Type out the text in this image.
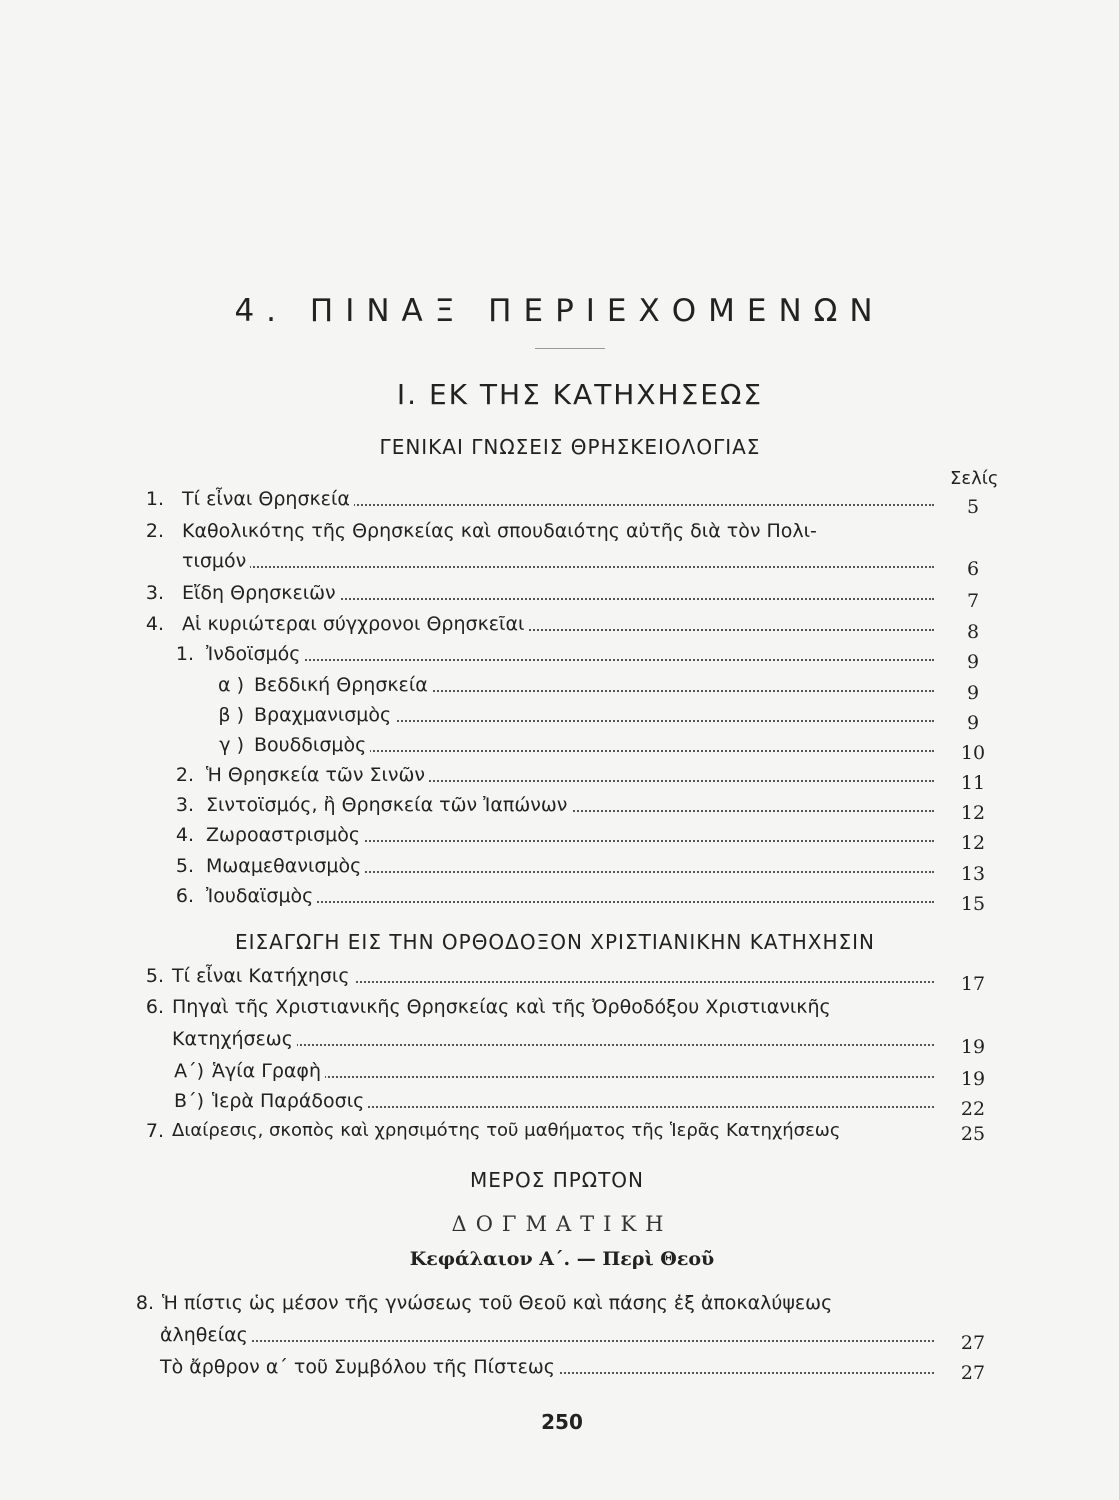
4. ΠΙΝΑΞ ΠΕΡΙΕΧΟΜΕΝΩΝ
I. ΕΚ ΤΗΣ ΚΑΤΗΧΗΣΕΩΣ
ΓΕΝΙΚΑΙ ΓΝΩΣΕΙΣ ΘΡΗΣΚΕΙΟΛΟΓΙΑΣ
Σελίς
1. Τί εἶναι Θρησκεία	5
2. Καθολικότης τῆς Θρησκείας καὶ σπουδαιότης αὐτῆς διὰ τὸν Πολι-
τισμόν	6
3. Εἴδη Θρησκειῶν	7
4. Αἱ κυριώτεραι σύγχρονοι Θρησκεῖαι	8
1. Ἰνδοϊσμός	9
α ) Βεδδική Θρησκεία	9
β ) Βραχμανισμὸς	9
γ ) Βουδδισμὸς	10
2. Ἡ Θρησκεία τῶν Σινῶν	11
3. Σιντοϊσμός, ἢ Θρησκεία τῶν Ἰαπώνων	12
4. Ζωροαστρισμὸς	12
5. Μωαμεθανισμὸς	13
6. Ἰουδαϊσμὸς	15
ΕΙΣΑΓΩΓΗ ΕΙΣ ΤΗΝ ΟΡΘΟΔΟΞΟΝ ΧΡΙΣΤΙΑΝΙΚΗΝ ΚΑΤΗΧΗΣΙΝ
5. Τί εἶναι Κατήχησις	17
6. Πηγαὶ τῆς Χριστιανικῆς Θρησκείας καὶ τῆς Ὀρθοδόξου Χριστιανικῆς
Κατηχήσεως	19
Α΄) Ἁγία Γραφὴ	19
Β΄) Ἱερὰ Παράδοσις	22
7. Διαίρεσις, σκοπὸς καὶ χρησιμότης τοῦ μαθήματος τῆς Ἱερᾶς Κατηχήσεως	25
ΜΕΡΟΣ ΠΡΩΤΟΝ
ΔΟΓΜΑΤΙΚΗ
Κεφάλαιον Α΄. — Περὶ Θεοῦ
8. Ἡ πίστις ὡς μέσον τῆς γνώσεως τοῦ Θεοῦ καὶ πάσης ἐξ ἀποκαλύψεως
ἀληθείας	27
Τὸ ἄρθρον α΄ τοῦ Συμβόλου τῆς Πίστεως	27
250
